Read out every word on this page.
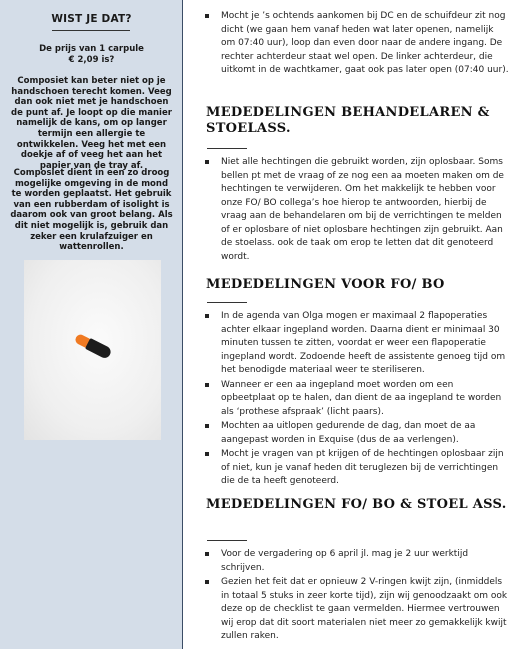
WIST JE DAT?
De prijs van 1 carpule
€ 2,09 is?
Composiet kan beter niet op je handschoen terecht komen. Veeg dan ook niet met je handschoen de punt af. Je loopt op die manier namelijk de kans, om op langer termijn een allergie te ontwikkelen. Veeg het met een doekje af of veeg het aan het papier van de tray af.
Composiet dient in een zo droog mogelijke omgeving in de mond te worden geplaatst. Het gebruik van een rubberdam of isolight is daarom ook van groot belang. Als dit niet mogelijk is, gebruik dan zeker een krulafzuiger en wattenrollen.
Mocht je ’s ochtends aankomen bij DC en de schuifdeur zit nog dicht (we gaan hem vanaf heden wat later openen, namelijk om 07:40 uur), loop dan even door naar de andere ingang. De rechter achterdeur staat wel open. De linker achterdeur, die uitkomt in de wachtkamer, gaat ook pas later open (07:40 uur).
MEDEDELINGEN BEHANDELAREN & STOELASS.
Niet alle hechtingen die gebruikt worden, zijn oplosbaar. Soms bellen pt met de vraag of ze nog een aa moeten maken om de hechtingen te verwijderen. Om het makkelijk te hebben voor onze FO/ BO collega’s hoe hierop te antwoorden, hierbij de vraag aan de behandelaren om bij de verrichtingen te melden of er oplosbare of niet oplosbare hechtingen zijn gebruikt. Aan de stoelass. ook de taak om erop te letten dat dit genoteerd wordt.
MEDEDELINGEN VOOR FO/ BO
In de agenda van Olga mogen er maximaal 2 flapoperaties achter elkaar ingepland worden. Daarna dient er minimaal 30 minuten tussen te zitten, voordat er weer een flapoperatie ingepland wordt. Zodoende heeft de assistente genoeg tijd om het benodigde materiaal weer te steriliseren.
Wanneer er een aa ingepland moet worden om een opbeetplaat op te halen, dan dient de aa ingepland te worden als ‘prothese afspraak’ (licht paars).
Mochten aa uitlopen gedurende de dag, dan moet de aa aangepast worden in Exquise (dus de aa verlengen).
Mocht je vragen van pt krijgen of de hechtingen oplosbaar zijn of niet, kun je vanaf heden dit teruglezen bij de verrichtingen die de ta heeft genoteerd.
MEDEDELINGEN FO/ BO & STOEL ASS.
Voor de vergadering op 6 april jl. mag je 2 uur werktijd schrijven.
Gezien het feit dat er opnieuw 2 V-ringen kwijt zijn, (inmiddels in totaal 5 stuks in zeer korte tijd), zijn wij genoodzaakt om ook deze op de checklist te gaan vermelden. Hiermee vertrouwen wij erop dat dit soort materialen niet meer zo gemakkelijk kwijt zullen raken.
